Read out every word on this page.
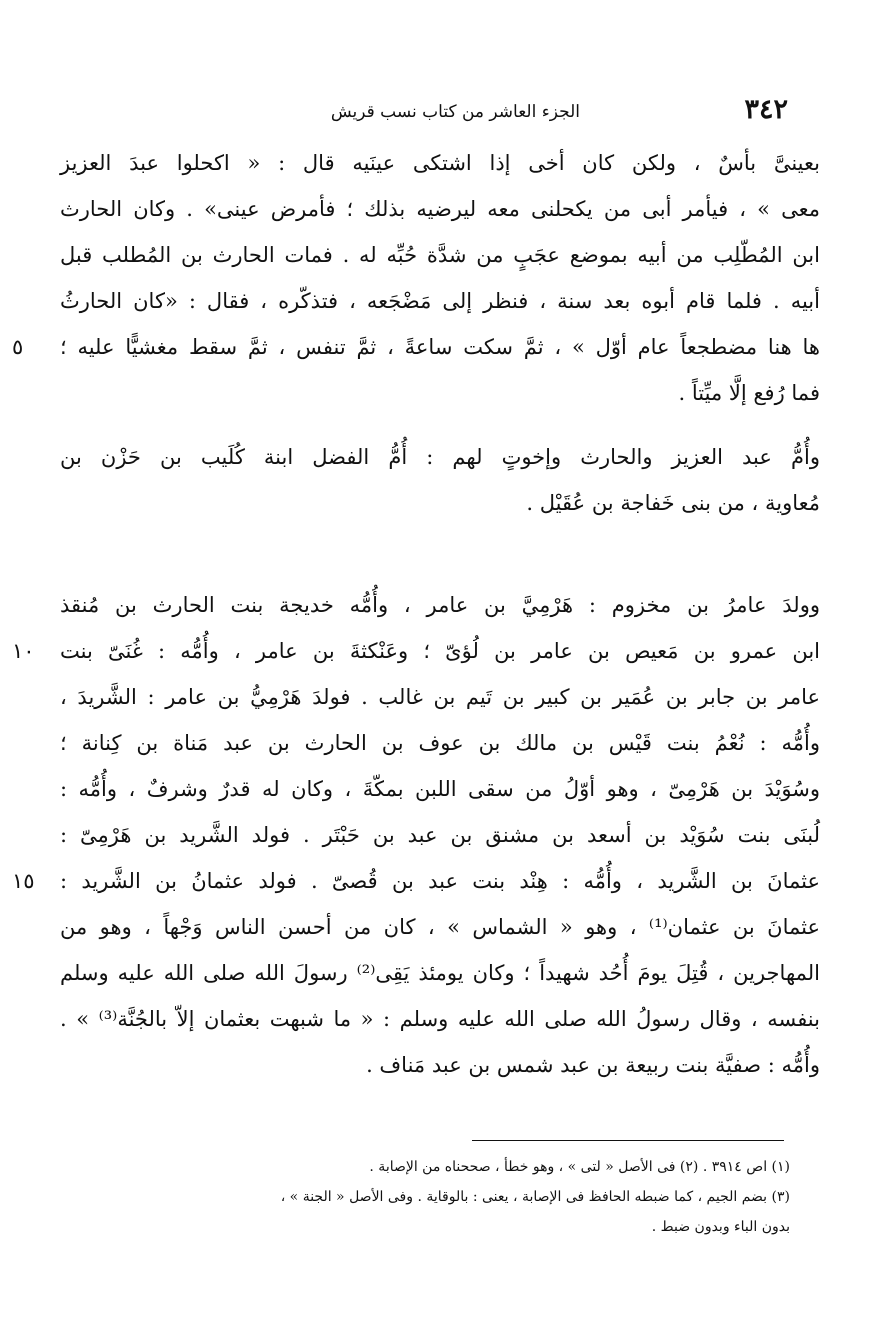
٣٤٢
الجزء العاشر من كتاب نسب قريش
بعينىَّ بأسٌ ، ولكن كان أخى إذا اشتكى عينَيه قال : « اكحلوا عبدَ العزيز
معى » ، فيأمر أبى من يكحلنى معه ليرضيه بذلك ؛ فأمرض عينى» . وكان الحارث
ابن المُطّلِب من أبيه بموضع عجَبٍ من شدَّة حُبِّه له . فمات الحارث بن المُطلب قبل
أبيه . فلما قام أبوه بعد سنة ، فنظر إلى مَضْجَعه ، فتذكّره ، فقال : «كان الحارثُ
٥ ها هنا مضطجعاً عام أوّل » ، ثمَّ سكت ساعةً ، ثمَّ تنفس ، ثمَّ سقط مغشيًّا عليه ؛
فما رُفع إلَّا ميِّتاً .
وأُمُّ عبد العزيز والحارث وإخوتٍ لهم : أُمُّ الفضل ابنة كُلَيب بن حَزْن بن
مُعاوية ، من بنى خَفاجة بن عُقَيْل .
وولدَ عامرُ بن مخزوم : هَرْمِيَّ بن عامر ، وأُمُّه خديجة بنت الحارث بن مُنقذ
١٠ ابن عمرو بن مَعيص بن عامر بن لُؤىّ ؛ وعَنْكثةَ بن عامر ، وأُمُّه : غُنَىّ بنت
عامر بن جابر بن عُمَير بن كبير بن تَيم بن غالب . فولدَ هَرْمِيُّ بن عامر : الشَّريدَ ،
وأُمُّه : نُعْمُ بنت قَيْس بن مالك بن عوف بن الحارث بن عبد مَناة بن كِنانة ؛
وسُوَيْدَ بن هَرْمِىّ ، وهو أوّلُ من سقى اللبن بمكّةَ ، وكان له قدرٌ وشرفٌ ، وأُمُّه :
لُبنَى بنت سُوَيْد بن أسعد بن مشنق بن عبد بن حَبْتَر . فولد الشَّريد بن هَرْمِىّ :
١٥ عثمانَ بن الشَّريد ، وأُمُّه : هِنْد بنت عبد بن قُصىّ . فولد عثمانُ بن الشَّريد :
عثمانَ بن عثمان⁽¹⁾ ، وهو « الشماس » ، كان من أحسن الناس وَجْهاً ، وهو من
المهاجرين ، قُتِلَ يومَ أُحُد شهيداً ؛ وكان يومئذ يَقِى⁽²⁾ رسولَ الله صلى الله عليه وسلم
بنفسه ، وقال رسولُ الله صلى الله عليه وسلم : « ما شبهت بعثمان إلاّ بالجُنَّة⁽³⁾ » .
وأُمُّه : صفيَّة بنت ربيعة بن عبد شمس بن عبد مَناف .
(١) اص ٣٩١٤ . (٢) فى الأصل « لتى » ، وهو خطأ ، صححناه من الإصابة .
(٣) بضم الجيم ، كما ضبطه الحافظ فى الإصابة ، يعنى : بالوقاية . وفى الأصل « الجنة » ،
بدون الباء وبدون ضبط .
